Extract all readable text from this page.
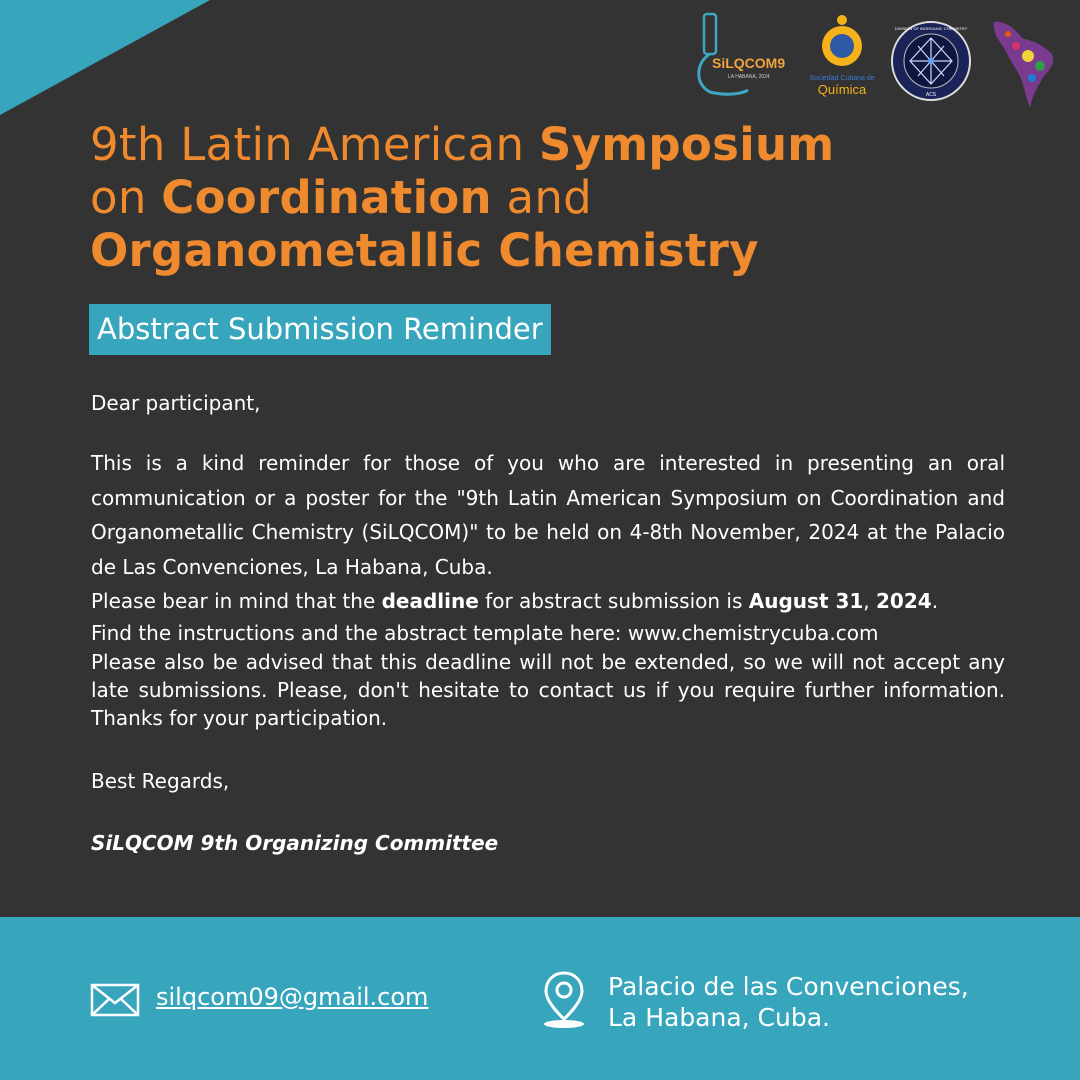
SiLQCOM9
LA HABANA, 2024	Sociedad Cubana de
Química
DIVISION OF INORGANIC CHEMISTRY
ACS
9th Latin American Symposium
on Coordination and
Organometallic Chemistry
Abstract Submission Reminder
Dear participant,
This is a kind reminder for those of you who are interested in presenting an oral communication or a poster for the "9th Latin American Symposium on Coordination and Organometallic Chemistry (SiLQCOM)" to be held on 4-8th November, 2024 at the Palacio de Las Convenciones, La Habana, Cuba.
Please bear in mind that the deadline for abstract submission is August 31, 2024.
Find the instructions and the abstract template here: www.chemistrycuba.com
Please also be advised that this deadline will not be extended, so we will not accept any late submissions. Please, don't hesitate to contact us if you require further information. Thanks for your participation.
Best Regards,
SiLQCOM 9th Organizing Committee
silqcom09@gmail.com	Palacio de las Convenciones,
La Habana, Cuba.
